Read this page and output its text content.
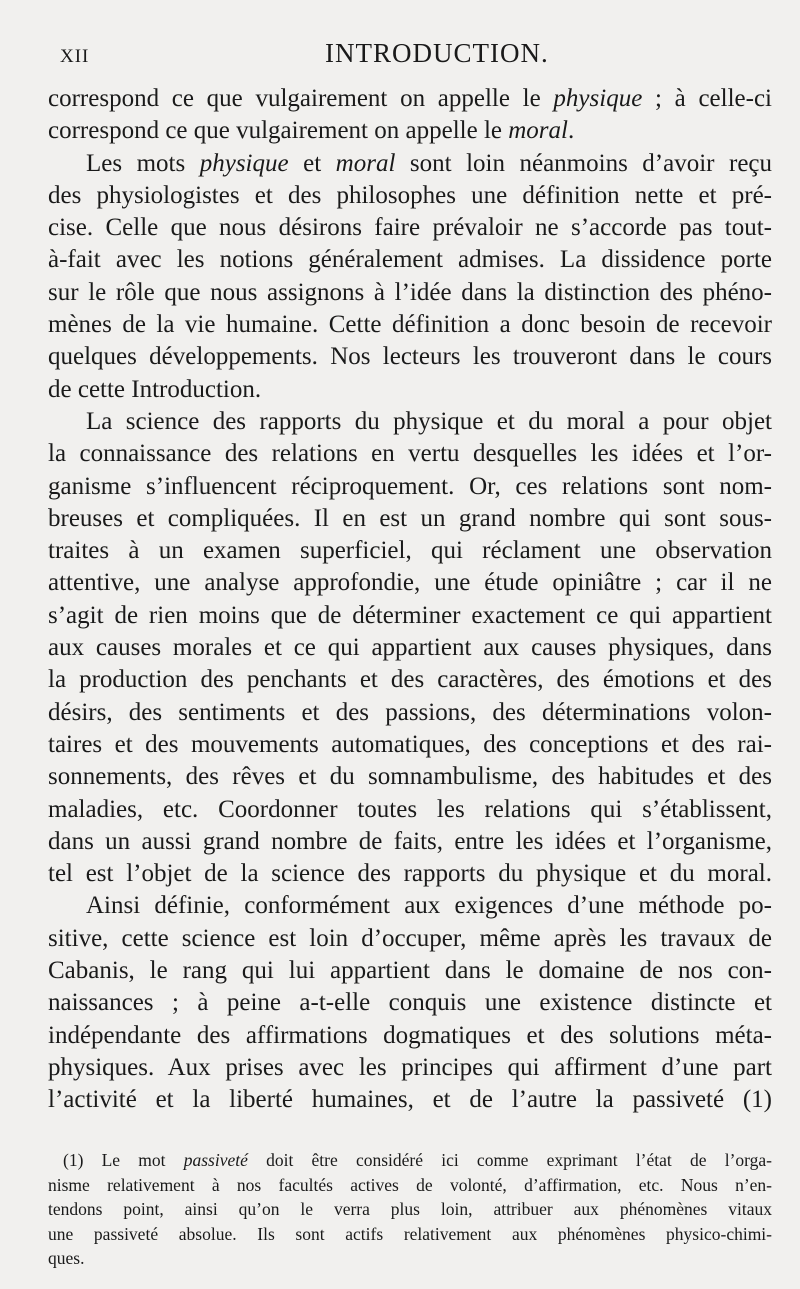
XII	INTRODUCTION.
correspond ce que vulgairement on appelle le physique ; à celle-ci
correspond ce que vulgairement on appelle le moral.
Les mots physique et moral sont loin néanmoins d’avoir reçu
des physiologistes et des philosophes une définition nette et pré-
cise. Celle que nous désirons faire prévaloir ne s’accorde pas tout-
à-fait avec les notions généralement admises. La dissidence porte
sur le rôle que nous assignons à l’idée dans la distinction des phéno-
mènes de la vie humaine. Cette définition a donc besoin de recevoir
quelques développements. Nos lecteurs les trouveront dans le cours
de cette Introduction.
La science des rapports du physique et du moral a pour objet
la connaissance des relations en vertu desquelles les idées et l’or-
ganisme s’influencent réciproquement. Or, ces relations sont nom-
breuses et compliquées. Il en est un grand nombre qui sont sous-
traites à un examen superficiel, qui réclament une observation
attentive, une analyse approfondie, une étude opiniâtre ; car il ne
s’agit de rien moins que de déterminer exactement ce qui appartient
aux causes morales et ce qui appartient aux causes physiques, dans
la production des penchants et des caractères, des émotions et des
désirs, des sentiments et des passions, des déterminations volon-
taires et des mouvements automatiques, des conceptions et des rai-
sonnements, des rêves et du somnambulisme, des habitudes et des
maladies, etc. Coordonner toutes les relations qui s’établissent,
dans un aussi grand nombre de faits, entre les idées et l’organisme,
tel est l’objet de la science des rapports du physique et du moral.
Ainsi définie, conformément aux exigences d’une méthode po-
sitive, cette science est loin d’occuper, même après les travaux de
Cabanis, le rang qui lui appartient dans le domaine de nos con-
naissances ; à peine a-t-elle conquis une existence distincte et
indépendante des affirmations dogmatiques et des solutions méta-
physiques. Aux prises avec les principes qui affirment d’une part
l’activité et la liberté humaines, et de l’autre la passiveté (1)
(1) Le mot passiveté doit être considéré ici comme exprimant l’état de l’orga-
nisme relativement à nos facultés actives de volonté, d’affirmation, etc. Nous n’en-
tendons point, ainsi qu’on le verra plus loin, attribuer aux phénomènes vitaux
une passiveté absolue. Ils sont actifs relativement aux phénomènes physico-chimi-
ques.
